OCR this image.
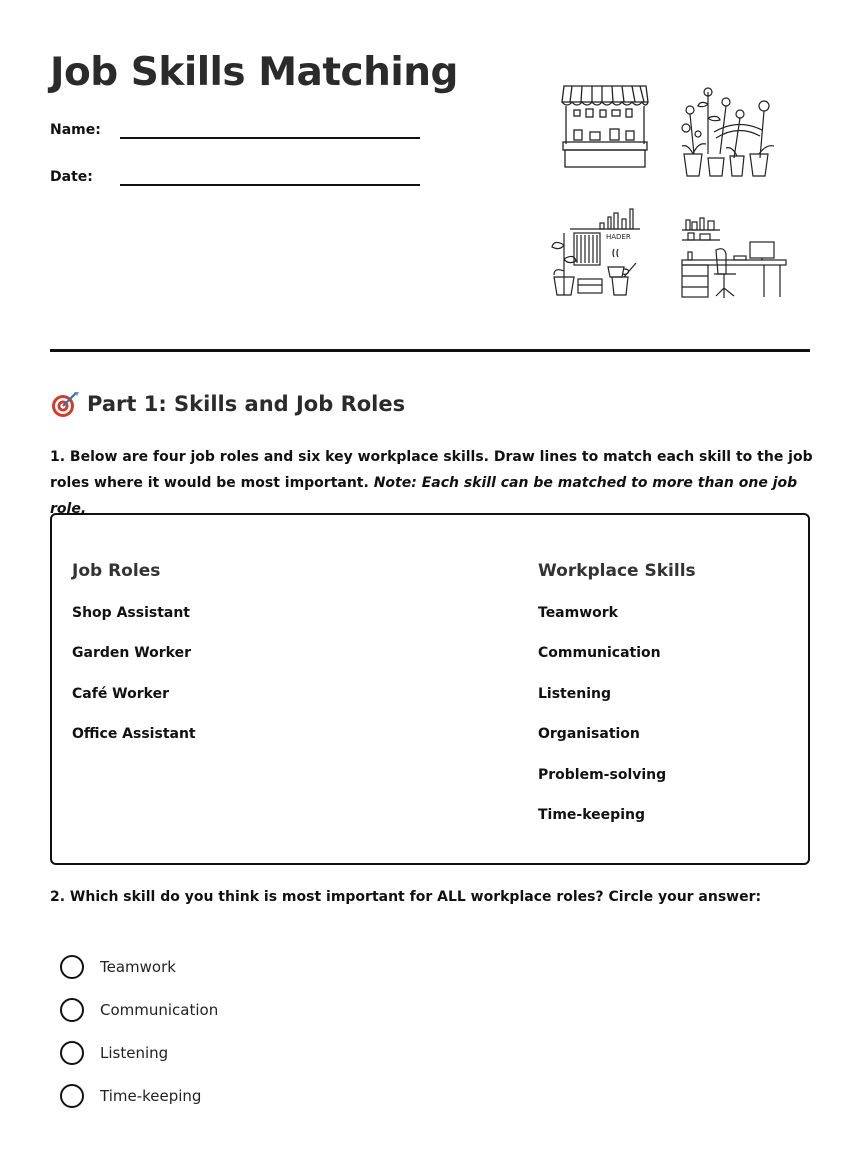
Job Skills Matching
Name:
Date:
HADER
Part 1: Skills and Job Roles
1. Below are four job roles and six key workplace skills. Draw lines to match each skill to the job roles where it would be most important. Note: Each skill can be matched to more than one job role.
Job Roles
Shop Assistant
Garden Worker
Café Worker
Office Assistant
Workplace Skills
Teamwork
Communication
Listening
Organisation
Problem-solving
Time-keeping
2. Which skill do you think is most important for ALL workplace roles? Circle your answer:
Teamwork
Communication
Listening
Time-keeping
